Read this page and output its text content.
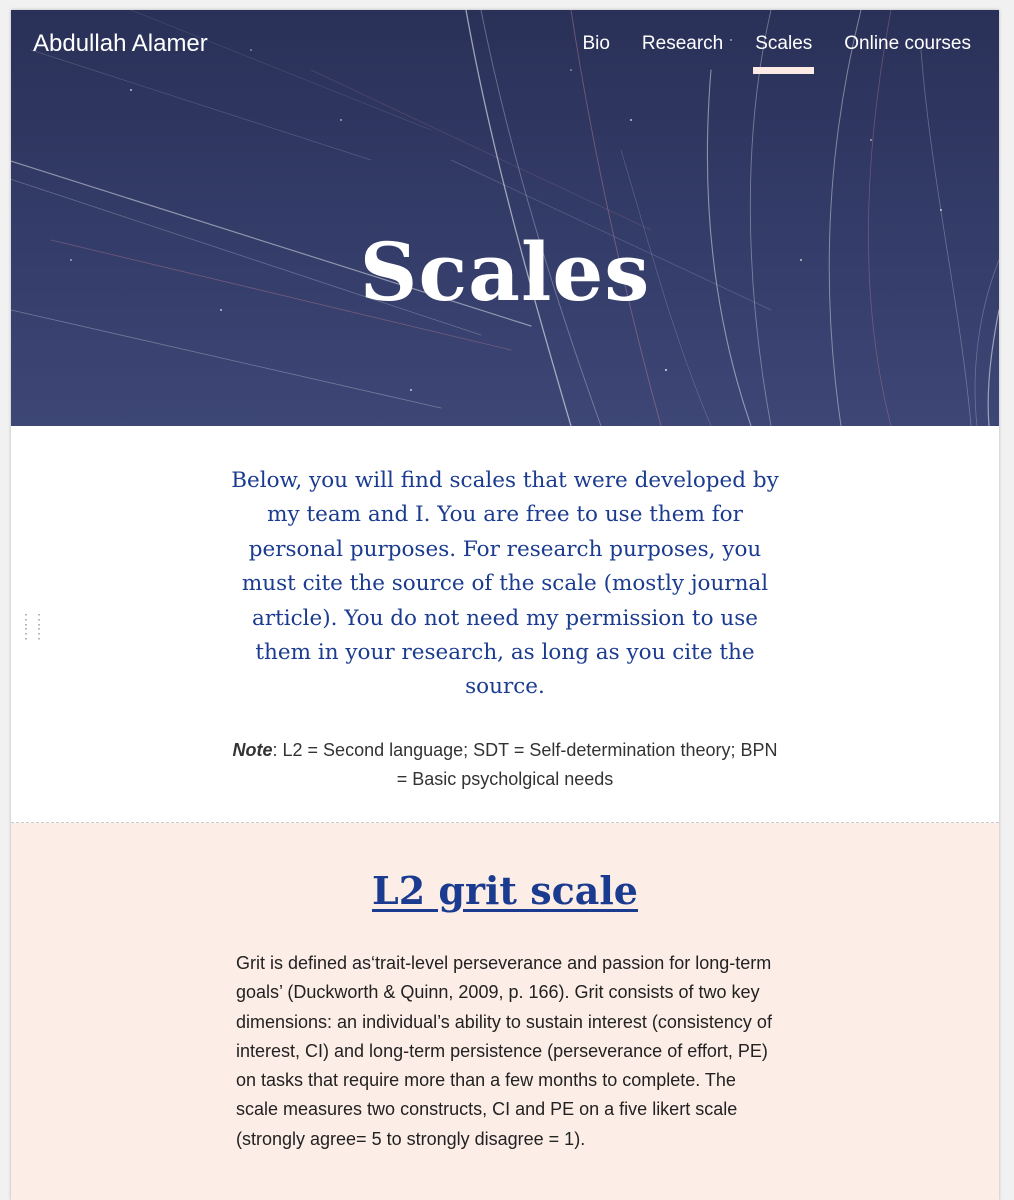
Abdullah Alamer	Bio Research Scales Online courses
Scales
⋮⋮
⋮⋮

Below, you will find scales that were developed by my team and I. You are free to use them for personal purposes. For research purposes, you must cite the source of the scale (mostly journal article). You do not need my permission to use them in your research, as long as you cite the source.

Note: L2 = Second language; SDT = Self-determination theory; BPN = Basic psycholgical needs

L2 grit scale

Grit is defined as‘trait-level perseverance and passion for long-term goals’ (Duckworth & Quinn, 2009, p. 166). Grit consists of two key dimensions: an individual’s ability to sustain interest (consistency of interest, CI) and long-term persistence (perseverance of effort, PE) on tasks that require more than a few months to complete. The scale measures two constructs, CI and PE on a five likert scale (strongly agree= 5 to strongly disagree = 1).
